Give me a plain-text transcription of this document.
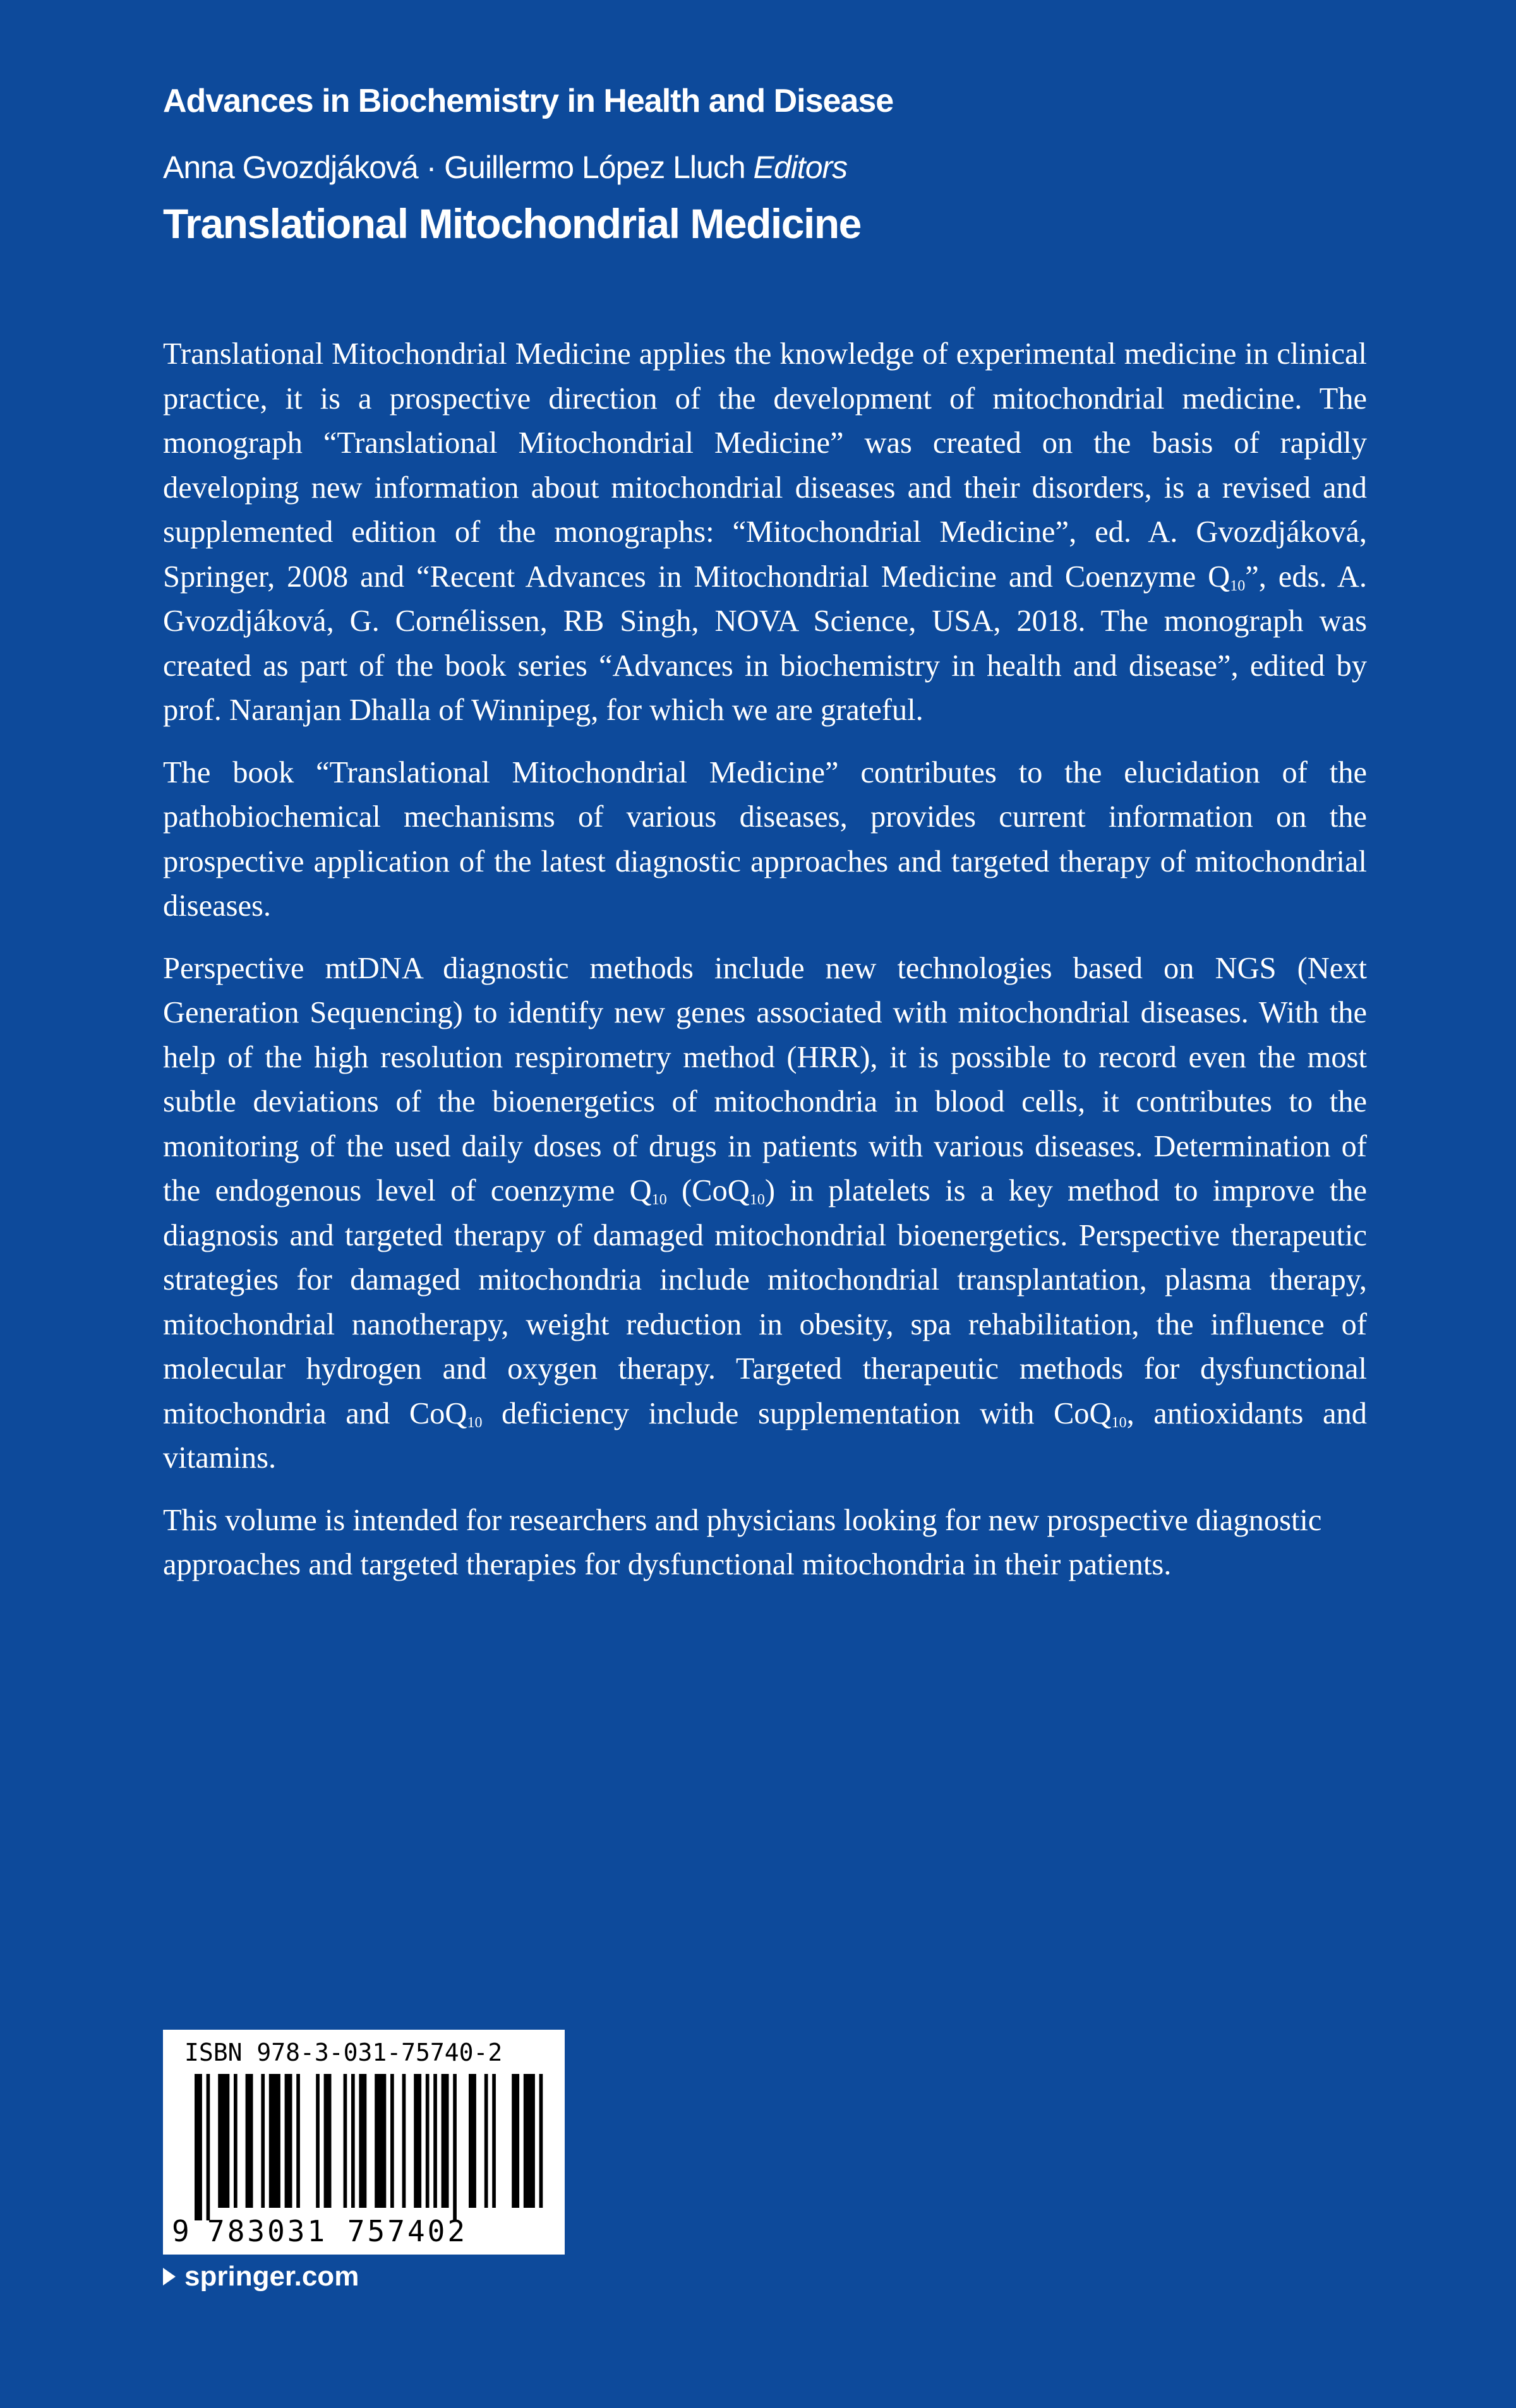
Advances in Biochemistry in Health and Disease
Anna Gvozdjáková · Guillermo López Lluch Editors
Translational Mitochondrial Medicine

Translational Mitochondrial Medicine applies the knowledge of experimental medicine in clinical practice, it is a prospective direction of the development of mitochondrial medicine. The monograph “Translational Mitochondrial Medicine” was created on the basis of rapidly developing new information about mitochondrial diseases and their disorders, is a revised and supplemented edition of the monographs: “Mitochondrial Medicine”, ed. A. Gvozdjáková, Springer, 2008 and “Recent Advances in Mitochondrial Medicine and Coenzyme $Q_{10}$”, eds. A. Gvozdjáková, G. Cornélissen, RB Singh, NOVA Science, USA, 2018. The monograph was created as part of the book series “Advances in biochemistry in health and disease”, edited by prof. Naranjan Dhalla of Winnipeg, for which we are grateful.

The book “Translational Mitochondrial Medicine” contributes to the elucidation of the pathobiochemical mechanisms of various diseases, provides current information on the prospective application of the latest diagnostic approaches and targeted therapy of mitochondrial diseases.

Perspective mtDNA diagnostic methods include new technologies based on NGS (Next Generation Sequencing) to identify new genes associated with mitochondrial diseases. With the help of the high resolution respirometry method (HRR), it is possible to record even the most subtle deviations of the bioenergetics of mitochondria in blood cells, it contributes to the monitoring of the used daily doses of drugs in patients with various diseases. Determination of the endogenous level of coenzyme $Q_{10}$ (CoQ$_{10}$) in platelets is a key method to improve the diagnosis and targeted therapy of damaged mitochondrial bioenergetics. Perspective therapeutic strategies for damaged mitochondria include mitochondrial transplantation, plasma therapy, mitochondrial nanotherapy, weight reduction in obesity, spa rehabilitation, the influence of molecular hydrogen and oxygen therapy. Targeted therapeutic methods for dysfunctional mitochondria and CoQ$_{10}$ deficiency include supplementation with CoQ$_{10}$, antioxidants and vitamins.

This volume is intended for researchers and physicians looking for new prospective diagnostic approaches and targeted therapies for dysfunctional mitochondria in their patients.

ISBN 978-3-031-75740-2
9 783031 757402
springer.com
